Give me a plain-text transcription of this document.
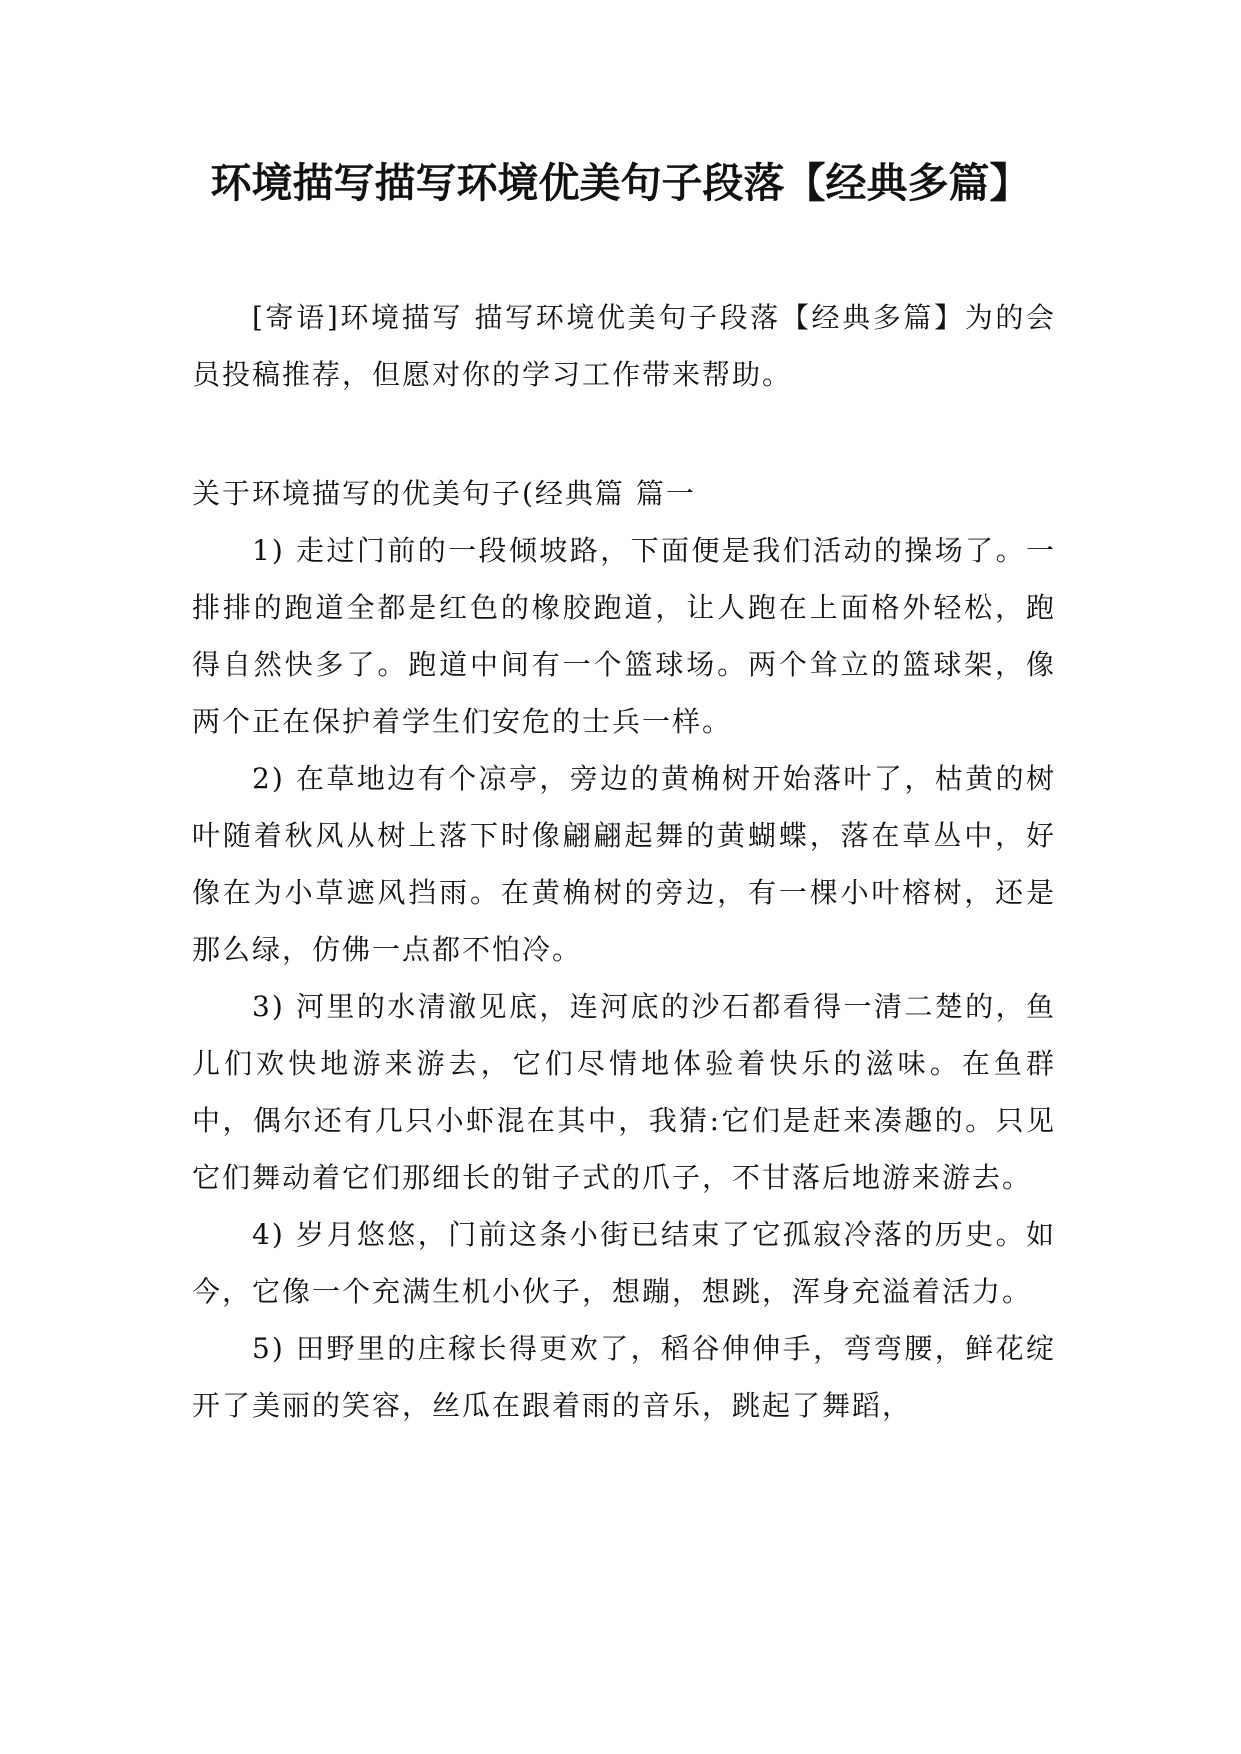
环境描写描写环境优美句子段落【经典多篇】

[寄语]环境描写 描写环境优美句子段落【经典多篇】为的会员投稿推荐，但愿对你的学习工作带来帮助。

关于环境描写的优美句子(经典篇 篇一

1) 走过门前的一段倾坡路，下面便是我们活动的操场了。一排排的跑道全都是红色的橡胶跑道，让人跑在上面格外轻松，跑得自然快多了。跑道中间有一个篮球场。两个耸立的篮球架，像两个正在保护着学生们安危的士兵一样。

2) 在草地边有个凉亭，旁边的黄桷树开始落叶了，枯黄的树叶随着秋风从树上落下时像翩翩起舞的黄蝴蝶，落在草丛中，好像在为小草遮风挡雨。在黄桷树的旁边，有一棵小叶榕树，还是那么绿，仿佛一点都不怕冷。

3) 河里的水清澈见底，连河底的沙石都看得一清二楚的，鱼儿们欢快地游来游去，它们尽情地体验着快乐的滋味。在鱼群中，偶尔还有几只小虾混在其中，我猜:它们是赶来凑趣的。只见它们舞动着它们那细长的钳子式的爪子，不甘落后地游来游去。

4) 岁月悠悠，门前这条小街已结束了它孤寂冷落的历史。如今，它像一个充满生机小伙子，想蹦，想跳，浑身充溢着活力。

5) 田野里的庄稼长得更欢了，稻谷伸伸手，弯弯腰，鲜花绽开了美丽的笑容，丝瓜在跟着雨的音乐，跳起了舞蹈，
